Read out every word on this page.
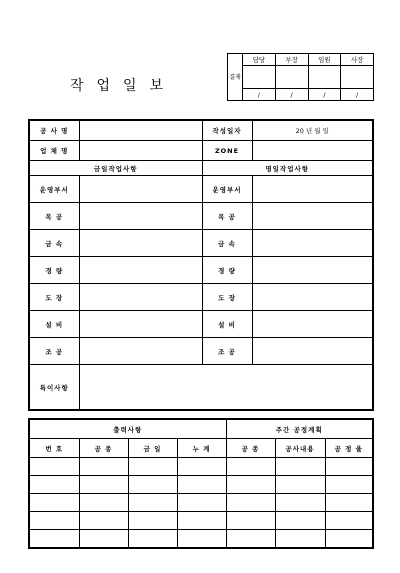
작업일보
결재	담당	부장	임원	사장

	/	/	/	/
공 사 명		작성일자	20 년 월 일
업 체 명		ZONE	
금일작업사항		명일작업사항	
운영부서		운영부서	
목 공		목 공	
금 속		금 속	
경 량		경 량	
도 장		도 장	
설 비		설 비	
조 공		조 공	
특이사항			
출력사항				주간 공정계획		
번 호	공 종	금 일	누 계	공 종	공사내용	공 정 율
